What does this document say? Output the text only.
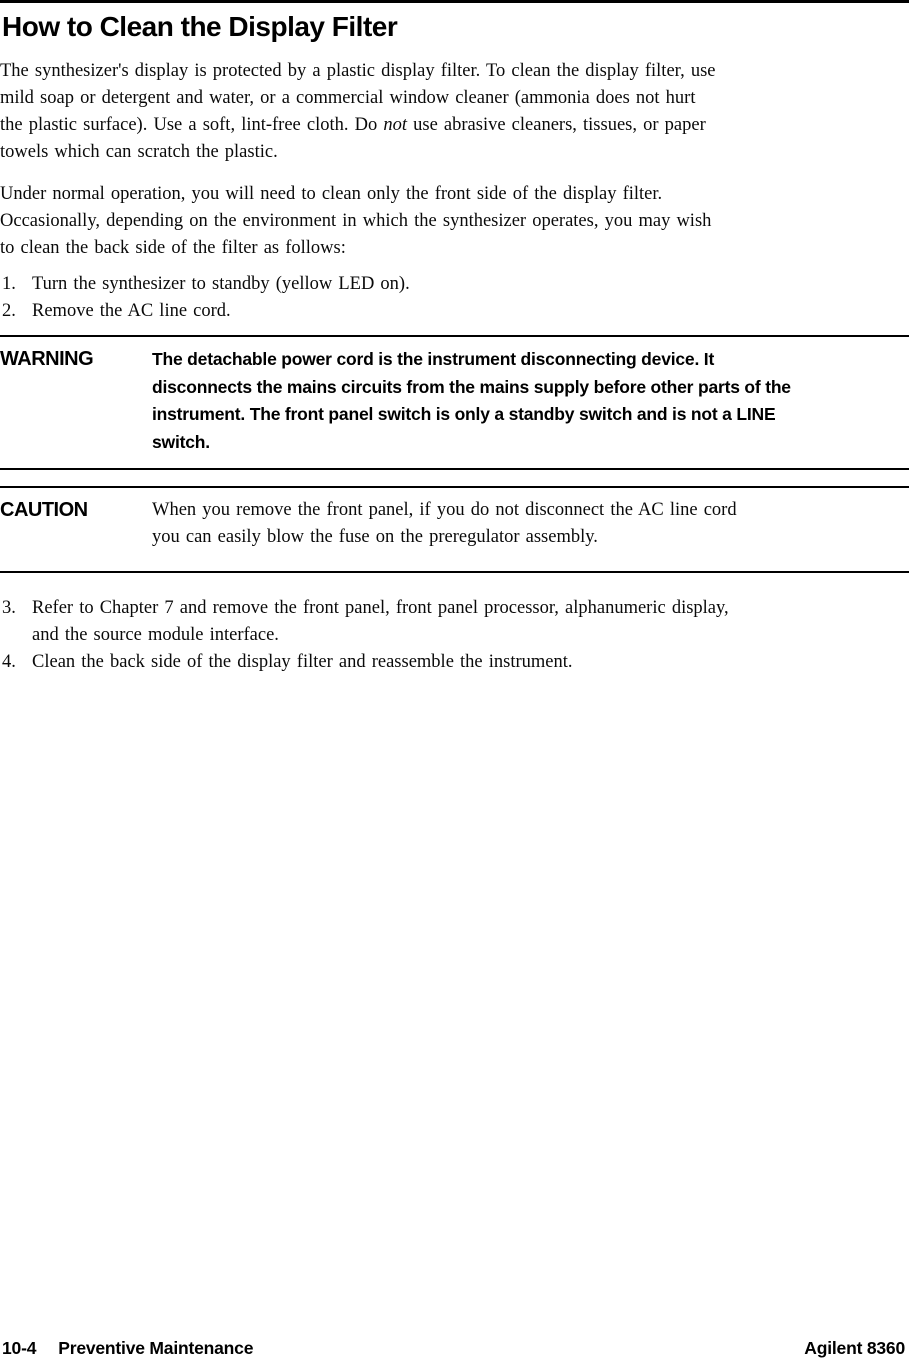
How to Clean the Display Filter
The synthesizer's display is protected by a plastic display filter. To clean the display filter, use
mild soap or detergent and water, or a commercial window cleaner (ammonia does not hurt
the plastic surface). Use a soft, lint-free cloth. Do not use abrasive cleaners, tissues, or paper
towels which can scratch the plastic.
Under normal operation, you will need to clean only the front side of the display filter.
Occasionally, depending on the environment in which the synthesizer operates, you may wish
to clean the back side of the filter as follows:
1. Turn the synthesizer to standby (yellow LED on).
2. Remove the AC line cord.
WARNING	The detachable power cord is the instrument disconnecting device. It
disconnects the mains circuits from the mains supply before other parts of the
instrument. The front panel switch is only a standby switch and is not a LINE
switch.
CAUTION	When you remove the front panel, if you do not disconnect the AC line cord
you can easily blow the fuse on the preregulator assembly.
3. Refer to Chapter 7 and remove the front panel, front panel processor, alphanumeric display,
and the source module interface.
4. Clean the back side of the display filter and reassemble the instrument.
10-4 Preventive Maintenance	Agilent 8360
